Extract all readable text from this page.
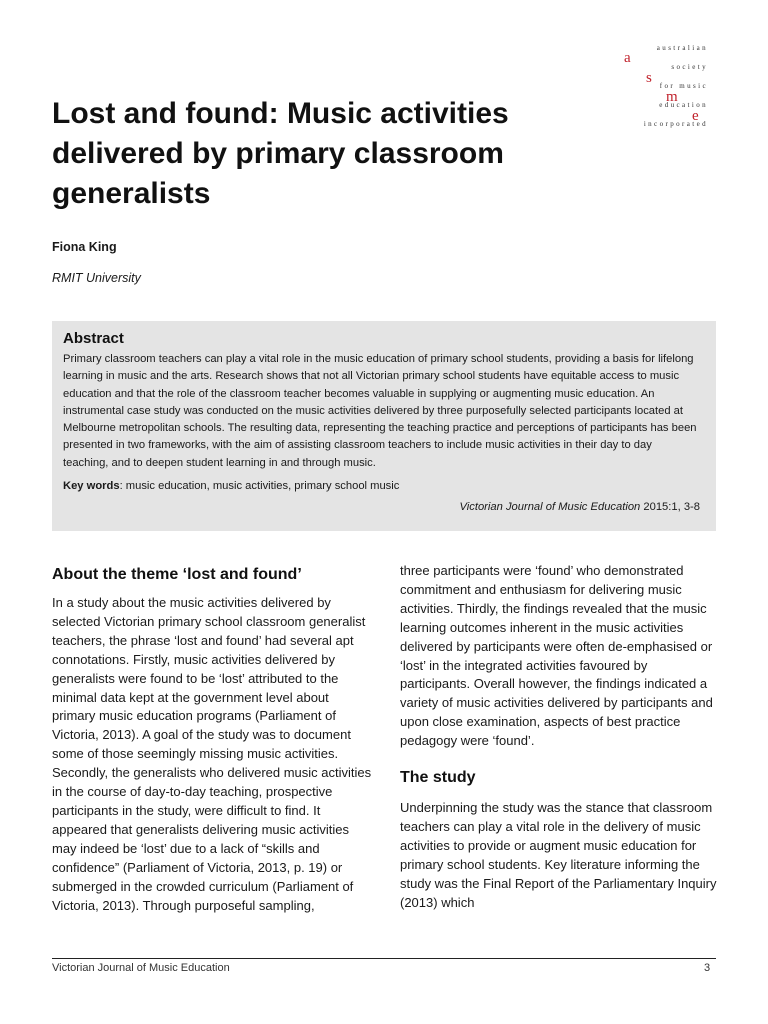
australian
society
for music
education
incorporated
a
s
m
e
Lost and found: Music activities delivered by primary classroom generalists

Fiona King

RMIT University

Abstract

Primary classroom teachers can play a vital role in the music education of primary school students, providing a basis for lifelong learning in music and the arts. Research shows that not all Victorian primary school students have equitable access to music education and that the role of the classroom teacher becomes valuable in supplying or augmenting music education. An instrumental case study was conducted on the music activities delivered by three purposefully selected participants located at Melbourne metropolitan schools. The resulting data, representing the teaching practice and perceptions of participants has been presented in two frameworks, with the aim of assisting classroom teachers to include music activities in their day to day teaching, and to deepen student learning in and through music.

Key words: music education, music activities, primary school music

Victorian Journal of Music Education 2015:1, 3-8

About the theme ‘lost and found’

In a study about the music activities delivered by selected Victorian primary school classroom generalist teachers, the phrase ‘lost and found’ had several apt connotations. Firstly, music activities delivered by generalists were found to be ‘lost’ attributed to the minimal data kept at the government level about primary music education programs (Parliament of Victoria, 2013). A goal of the study was to document some of those seemingly missing music activities. Secondly, the generalists who delivered music activities in the course of day-to-day teaching, prospective participants in the study, were difficult to find. It appeared that generalists delivering music activities may indeed be ‘lost’ due to a lack of “skills and confidence” (Parliament of Victoria, 2013, p. 19) or submerged in the crowded curriculum (Parliament of Victoria, 2013). Through purposeful sampling,

three participants were ‘found’ who demonstrated commitment and enthusiasm for delivering music activities. Thirdly, the findings revealed that the music learning outcomes inherent in the music activities delivered by participants were often de-emphasised or ‘lost’ in the integrated activities favoured by participants. Overall however, the findings indicated a variety of music activities delivered by participants and upon close examination, aspects of best practice pedagogy were ‘found’.

The study

Underpinning the study was the stance that classroom teachers can play a vital role in the delivery of music activities to provide or augment music education for primary school students. Key literature informing the study was the Final Report of the Parliamentary Inquiry (2013) which

Victorian Journal of Music Education	3
